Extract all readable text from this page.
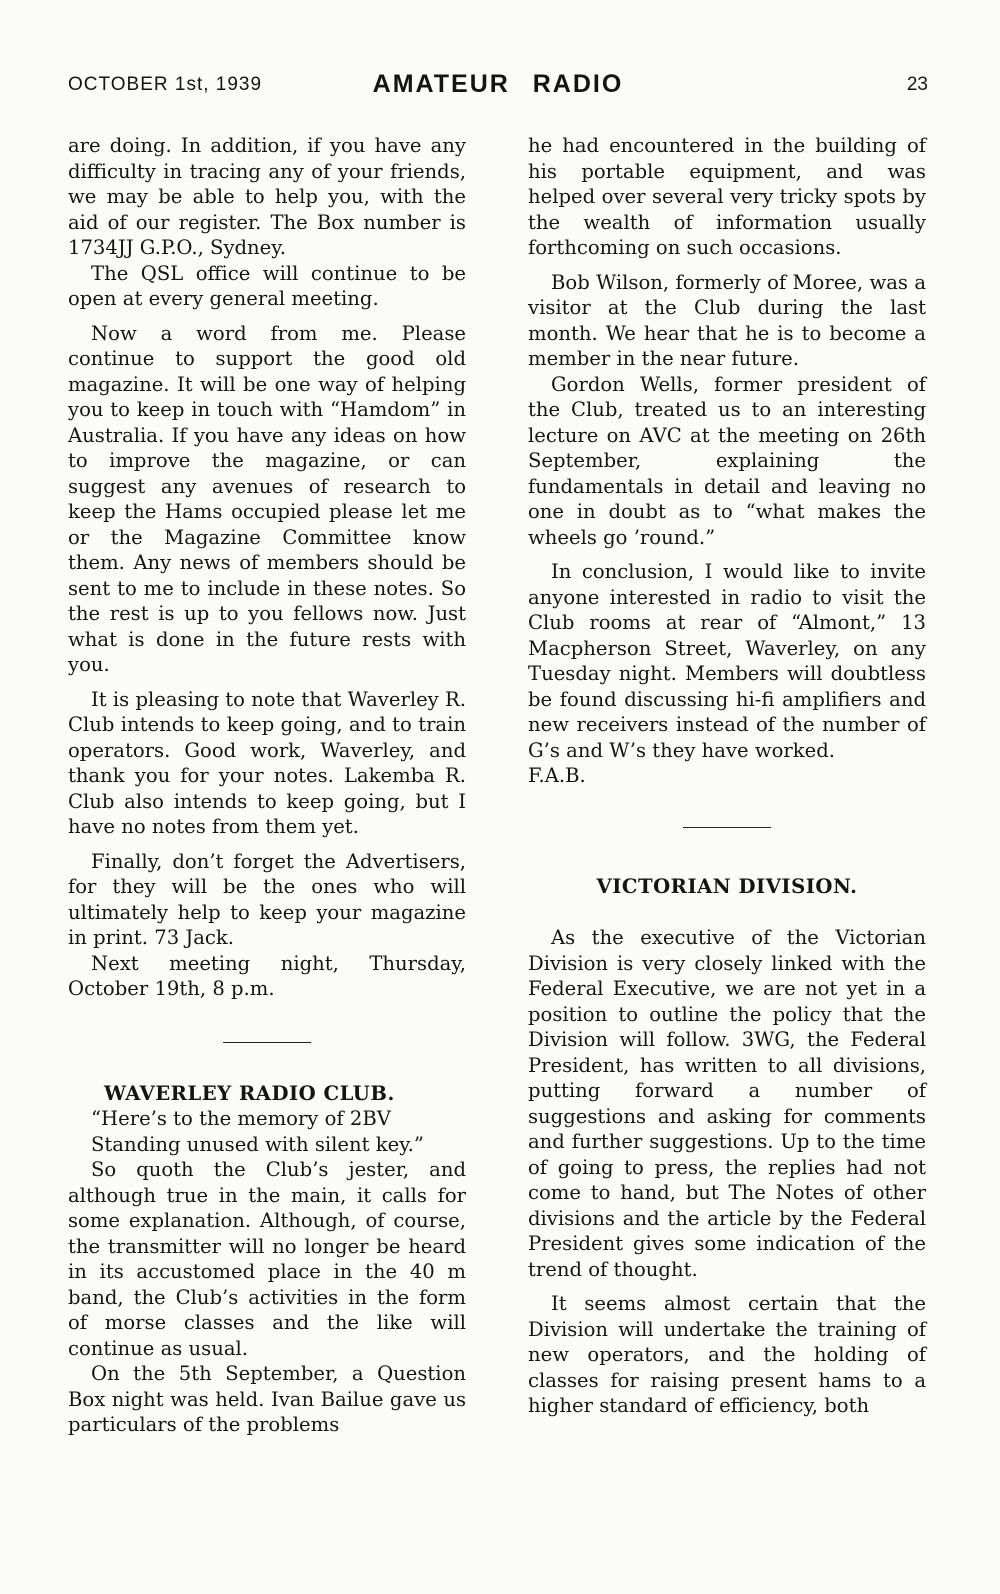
OCTOBER 1st, 1939	AMATEUR RADIO	23

are doing. In addition, if you have any difficulty in tracing any of your friends, we may be able to help you, with the aid of our register. The Box number is 1734JJ G.P.O., Sydney.

The QSL office will continue to be open at every general meeting.

Now a word from me. Please continue to support the good old magazine. It will be one way of helping you to keep in touch with “Hamdom” in Australia. If you have any ideas on how to improve the magazine, or can suggest any avenues of research to keep the Hams occupied please let me or the Magazine Committee know them. Any news of members should be sent to me to include in these notes. So the rest is up to you fellows now. Just what is done in the future rests with you.

It is pleasing to note that Waverley R. Club intends to keep going, and to train operators. Good work, Waverley, and thank you for your notes. Lakemba R. Club also intends to keep going, but I have no notes from them yet.

Finally, don’t forget the Advertisers, for they will be the ones who will ultimately help to keep your magazine in print. 73 Jack.

Next meeting night, Thursday, October 19th, 8 p.m.

WAVERLEY RADIO CLUB.
“Here’s to the memory of 2BV
Standing unused with silent key.”

So quoth the Club’s jester, and although true in the main, it calls for some explanation. Although, of course, the transmitter will no longer be heard in its accustomed place in the 40 m band, the Club’s activities in the form of morse classes and the like will continue as usual.

On the 5th September, a Question Box night was held. Ivan Bailue gave us particulars of the problems

he had encountered in the building of his portable equipment, and was helped over several very tricky spots by the wealth of information usually forthcoming on such occasions.

Bob Wilson, formerly of Moree, was a visitor at the Club during the last month. We hear that he is to become a member in the near future.

Gordon Wells, former president of the Club, treated us to an interesting lecture on AVC at the meeting on 26th September, explaining the fundamentals in detail and leaving no one in doubt as to “what makes the wheels go ’round.”

In conclusion, I would like to invite anyone interested in radio to visit the Club rooms at rear of “Almont,” 13 Macpherson Street, Waverley, on any Tuesday night. Members will doubtless be found discussing hi-fi amplifiers and new receivers instead of the number of G’s and W’s they have worked.

F.A.B.

VICTORIAN DIVISION.

As the executive of the Victorian Division is very closely linked with the Federal Executive, we are not yet in a position to outline the policy that the Division will follow. 3WG, the Federal President, has written to all divisions, putting forward a number of suggestions and asking for comments and further suggestions. Up to the time of going to press, the replies had not come to hand, but The Notes of other divisions and the article by the Federal President gives some indication of the trend of thought.

It seems almost certain that the Division will undertake the training of new operators, and the holding of classes for raising present hams to a higher standard of efficiency, both
